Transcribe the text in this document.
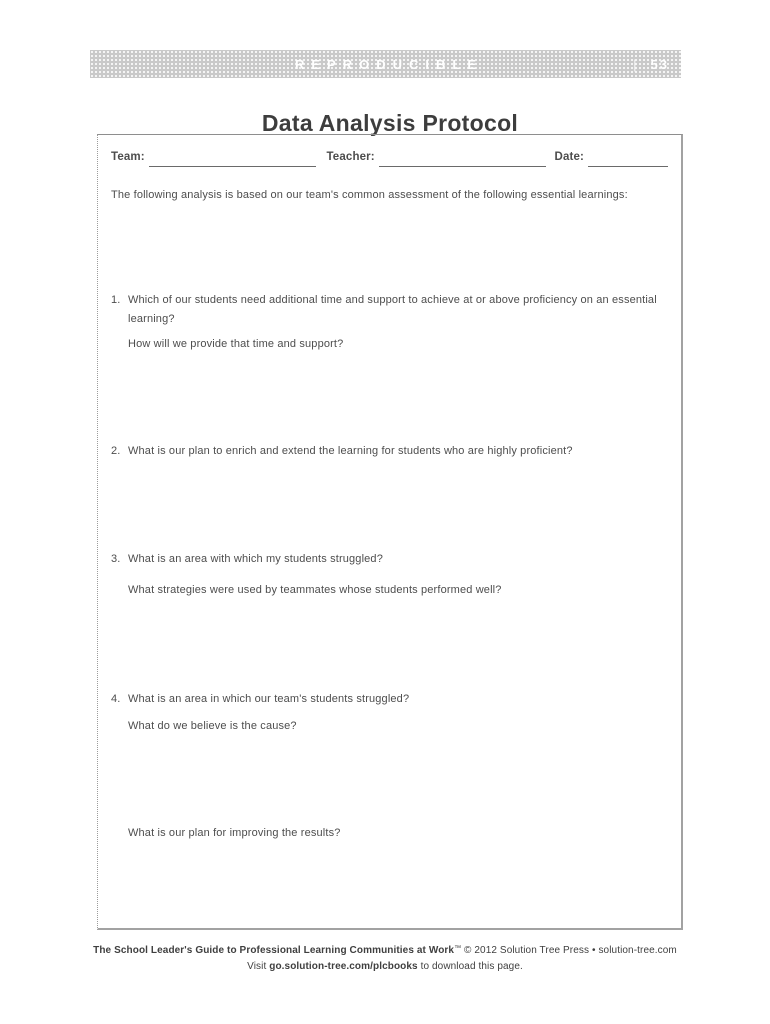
REPRODUCIBLE	| 53
Data Analysis Protocol
Team:	Teacher:	Date:

The following analysis is based on our team's common assessment of the following essential learnings:

1. Which of our students need additional time and support to achieve at or above proficiency on an essential learning?
How will we provide that time and support?
2. What is our plan to enrich and extend the learning for students who are highly proficient?
3. What is an area with which my students struggled?
What strategies were used by teammates whose students performed well?
4. What is an area in which our team's students struggled?
What do we believe is the cause?
What is our plan for improving the results?
The School Leader's Guide to Professional Learning Communities at Work™ © 2012 Solution Tree Press • solution-tree.com
Visit go.solution-tree.com/plcbooks to download this page.
